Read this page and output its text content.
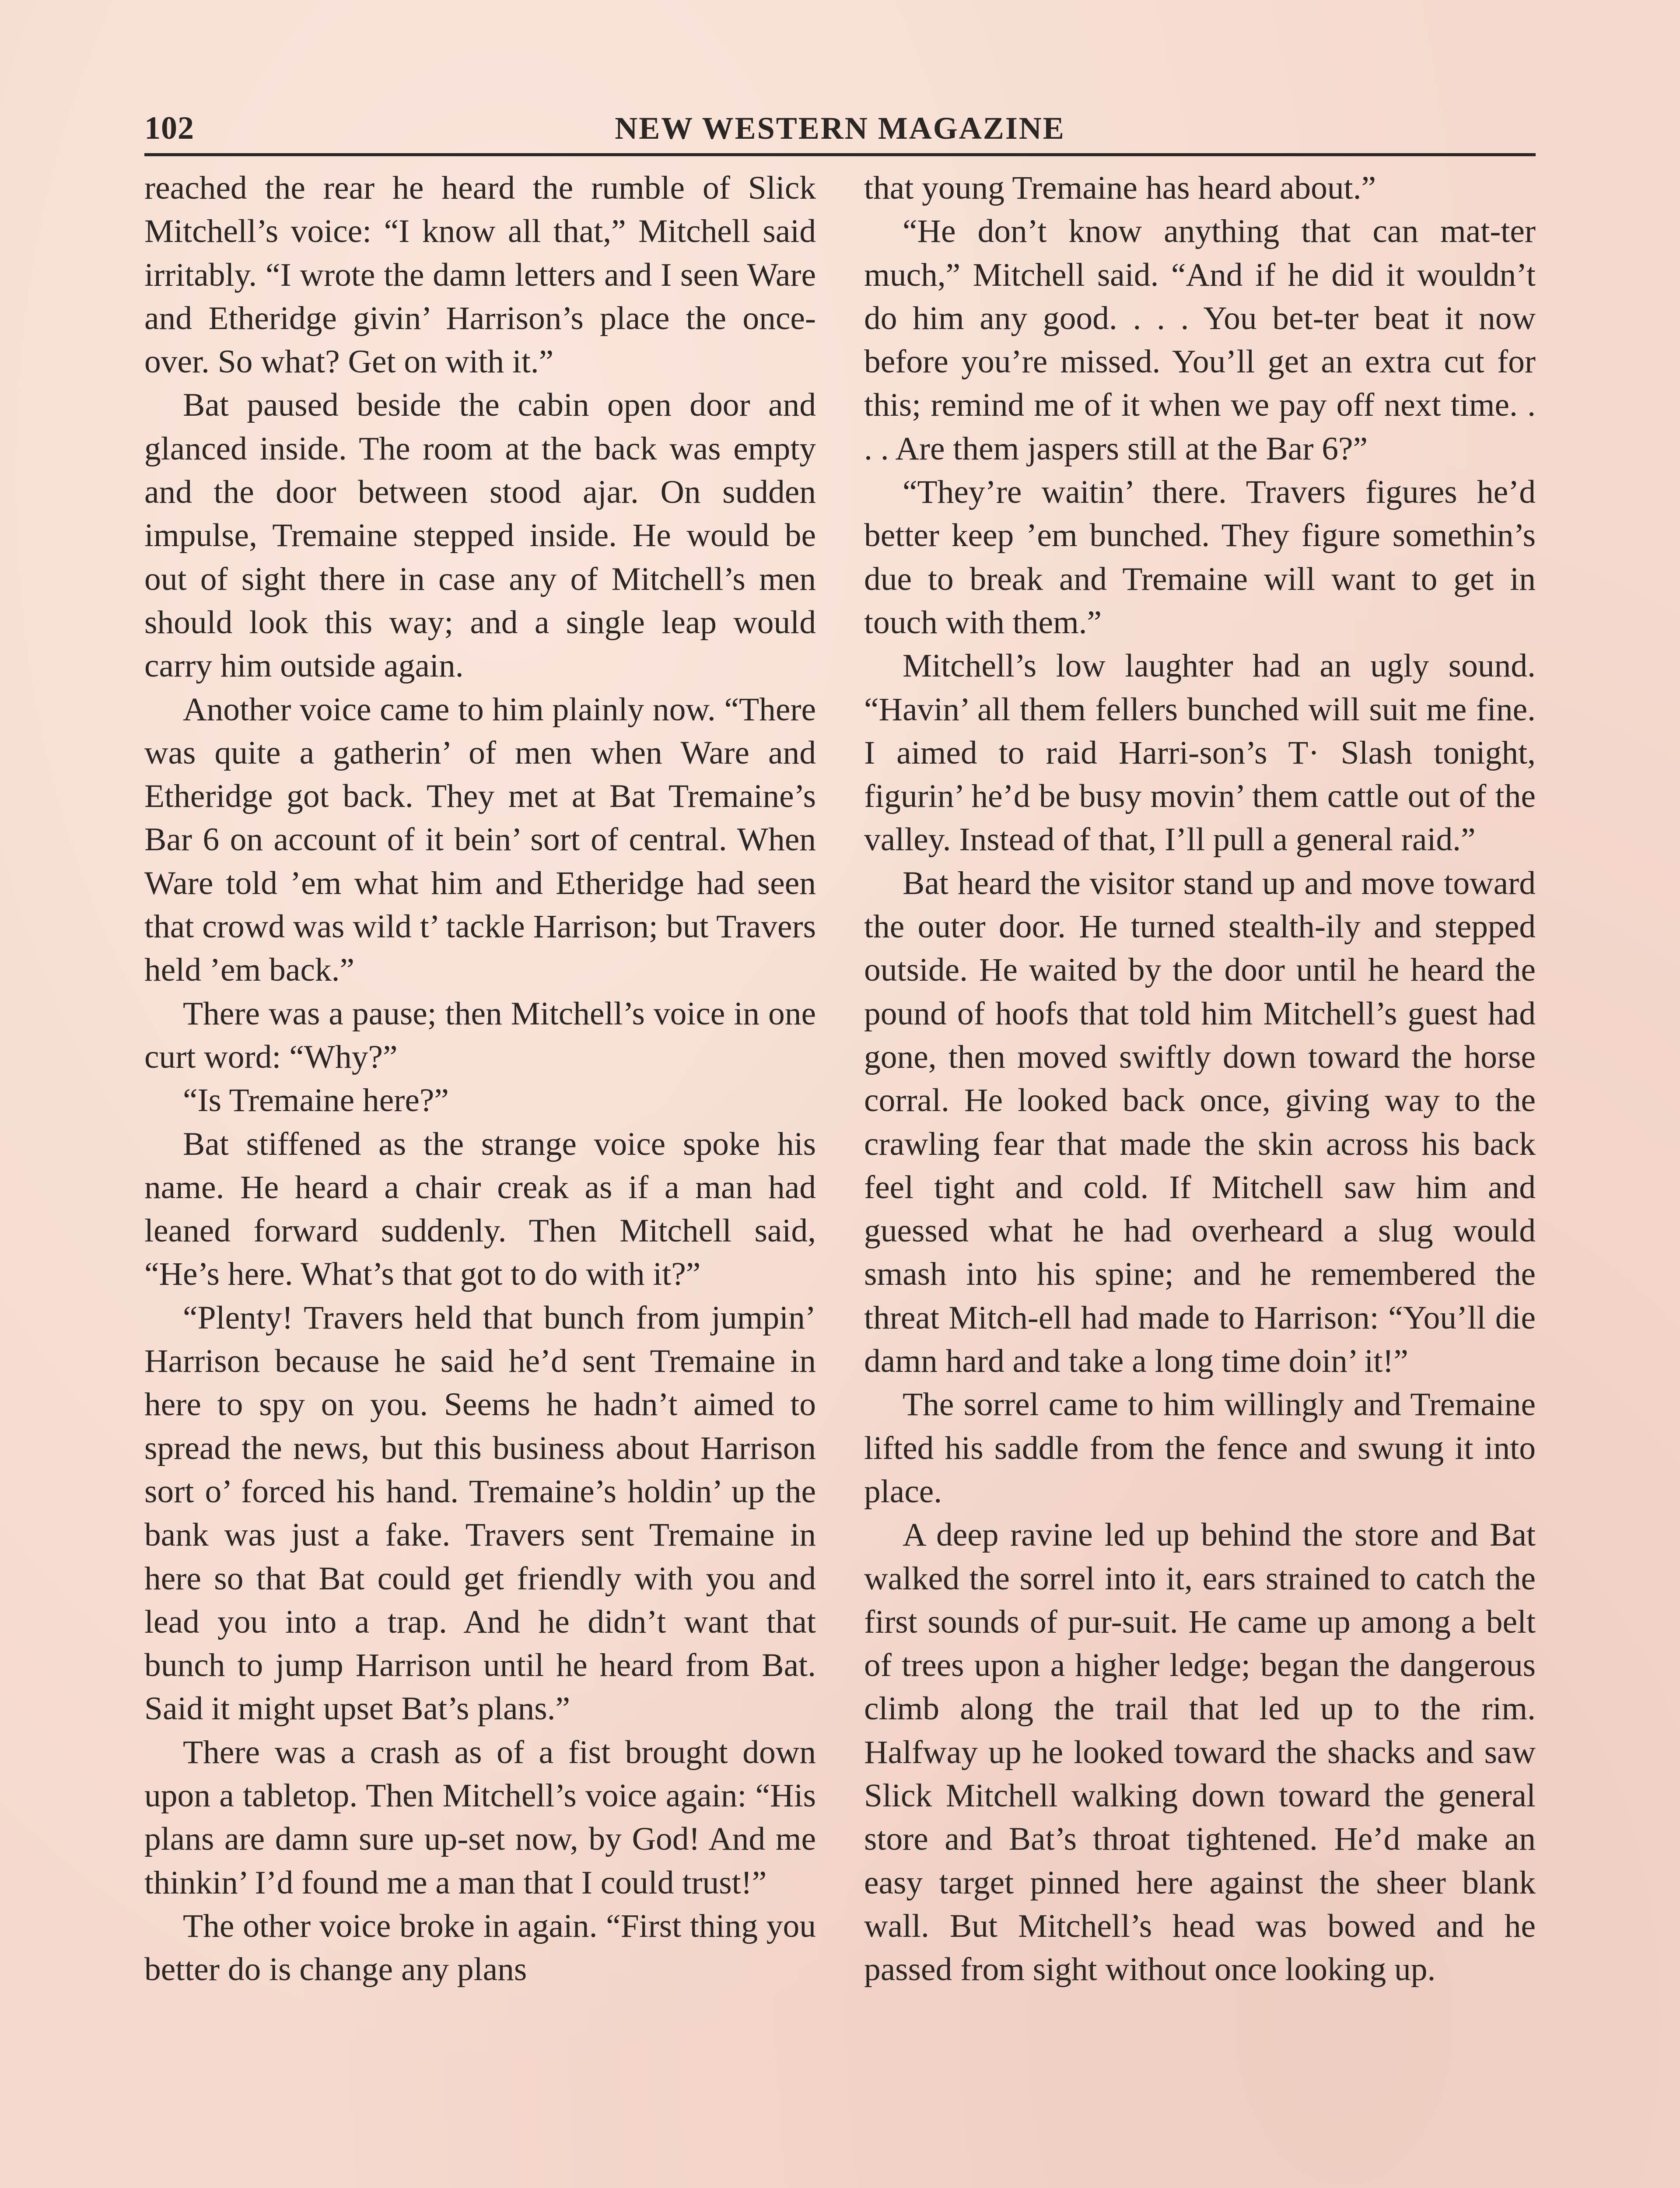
102	NEW WESTERN MAGAZINE

reached the rear he heard the rumble of Slick Mitchell’s voice: “I know all that,” Mitchell said irritably. “I wrote the damn letters and I seen Ware and Etheridge givin’ Harrison’s place the once-over. So what? Get on with it.”

Bat paused beside the cabin open door and glanced inside. The room at the back was empty and the door between stood ajar. On sudden impulse, Tremaine stepped inside. He would be out of sight there in case any of Mitchell’s men should look this way; and a single leap would carry him outside again.

Another voice came to him plainly now. “There was quite a gatherin’ of men when Ware and Etheridge got back. They met at Bat Tremaine’s Bar 6 on account of it bein’ sort of central. When Ware told ’em what him and Etheridge had seen that crowd was wild t’ tackle Harrison; but Travers held ’em back.”

There was a pause; then Mitchell’s voice in one curt word: “Why?”

“Is Tremaine here?”

Bat stiffened as the strange voice spoke his name. He heard a chair creak as if a man had leaned forward suddenly. Then Mitchell said, “He’s here. What’s that got to do with it?”

“Plenty! Travers held that bunch from jumpin’ Harrison because he said he’d sent Tremaine in here to spy on you. Seems he hadn’t aimed to spread the news, but this business about Harrison sort o’ forced his hand. Tremaine’s holdin’ up the bank was just a fake. Travers sent Tremaine in here so that Bat could get friendly with you and lead you into a trap. And he didn’t want that bunch to jump Harrison until he heard from Bat. Said it might upset Bat’s plans.”

There was a crash as of a fist brought down upon a tabletop. Then Mitchell’s voice again: “His plans are damn sure up-set now, by God! And me thinkin’ I’d found me a man that I could trust!”

The other voice broke in again. “First thing you better do is change any plans

that young Tremaine has heard about.”

“He don’t know anything that can mat-ter much,” Mitchell said. “And if he did it wouldn’t do him any good. . . . You bet-ter beat it now before you’re missed. You’ll get an extra cut for this; remind me of it when we pay off next time. . . . Are them jaspers still at the Bar 6?”

“They’re waitin’ there. Travers figures he’d better keep ’em bunched. They figure somethin’s due to break and Tremaine will want to get in touch with them.”

Mitchell’s low laughter had an ugly sound. “Havin’ all them fellers bunched will suit me fine. I aimed to raid Harri-son’s T· Slash tonight, figurin’ he’d be busy movin’ them cattle out of the valley. Instead of that, I’ll pull a general raid.”

Bat heard the visitor stand up and move toward the outer door. He turned stealth-ily and stepped outside. He waited by the door until he heard the pound of hoofs that told him Mitchell’s guest had gone, then moved swiftly down toward the horse corral. He looked back once, giving way to the crawling fear that made the skin across his back feel tight and cold. If Mitchell saw him and guessed what he had overheard a slug would smash into his spine; and he remembered the threat Mitch-ell had made to Harrison: “You’ll die damn hard and take a long time doin’ it!”

The sorrel came to him willingly and Tremaine lifted his saddle from the fence and swung it into place.

A deep ravine led up behind the store and Bat walked the sorrel into it, ears strained to catch the first sounds of pur-suit. He came up among a belt of trees upon a higher ledge; began the dangerous climb along the trail that led up to the rim. Halfway up he looked toward the shacks and saw Slick Mitchell walking down toward the general store and Bat’s throat tightened. He’d make an easy target pinned here against the sheer blank wall. But Mitchell’s head was bowed and he passed from sight without once looking up.
